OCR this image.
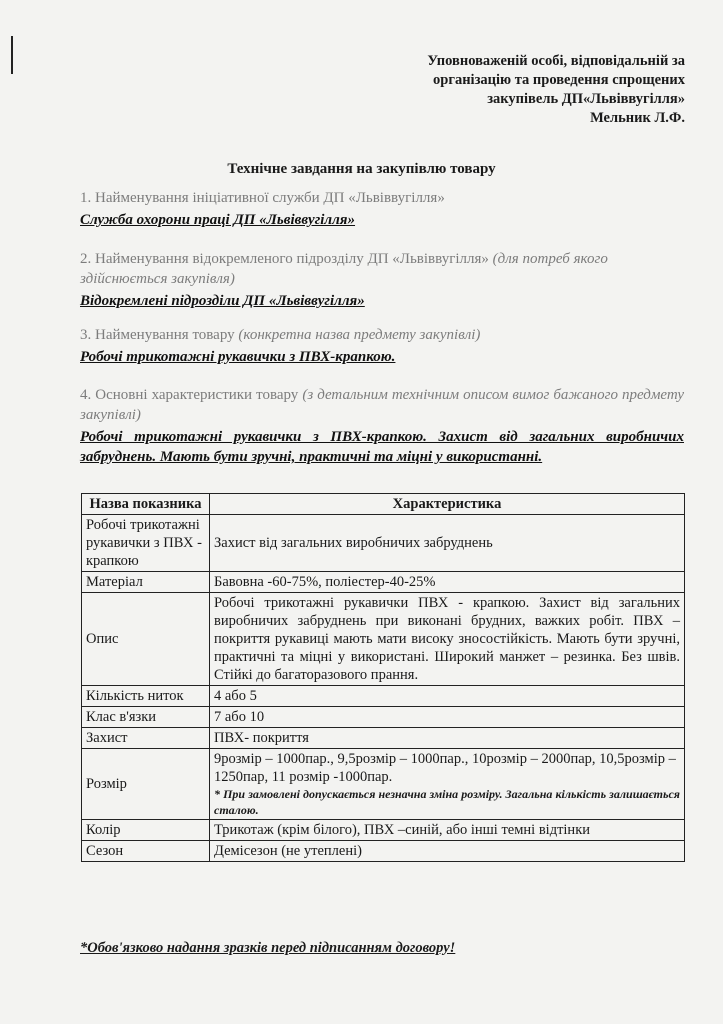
Уповноваженій особі, відповідальній за
організацію та проведення спрощених
закупівель ДП«Львіввугілля»
Мельник Л.Ф.
Технічне завдання на закупівлю товару
1. Найменування ініціативної служби ДП «Львіввугілля»
Служба охорони праці ДП «Львіввугілля»
2. Найменування відокремленого підрозділу ДП «Львіввугілля» (для потреб якого здійснюється закупівля)
Відокремлені підрозділи ДП «Львіввугілля»
3. Найменування товару (конкретна назва предмету закупівлі)
Робочі трикотажні рукавички з ПВХ-крапкою.
4. Основні характеристики товару (з детальним технічним описом вимог бажаного предмету закупівлі)
Робочі трикотажні рукавички з ПВХ-крапкою. Захист від загальних виробничих забруднень. Мають бути зручні, практичні та міцні у використанні.
Назва показника	Характеристика
Робочі трикотажні рукавички з ПВХ - крапкою	Захист від загальних виробничих забруднень
Матеріал	Бавовна -60-75%, поліестер-40-25%
Опис	Робочі трикотажні рукавички ПВХ - крапкою. Захист від загальних виробничих забруднень при виконані брудних, важких робіт. ПВХ – покриття рукавиці мають мати високу зносостійкість. Мають бути зручні, практичні та міцні у використані. Широкий манжет – резинка. Без швів. Стійкі до багаторазового прання.
Кількість ниток	4 або 5
Клас в'язки	7 або 10
Захист	ПВХ- покриття
Розмір	9розмір – 1000пар., 9,5розмір – 1000пар., 10розмір – 2000пар, 10,5розмір – 1250пар, 11 розмір -1000пар.
* При замовлені допускається незначна зміна розміру. Загальна кількість залишається сталою.

Колір	Трикотаж (крім білого), ПВХ –синій, або інші темні відтінки
Сезон	Демісезон (не утеплені)
*Обов'язково надання зразків перед підписанням договору!
